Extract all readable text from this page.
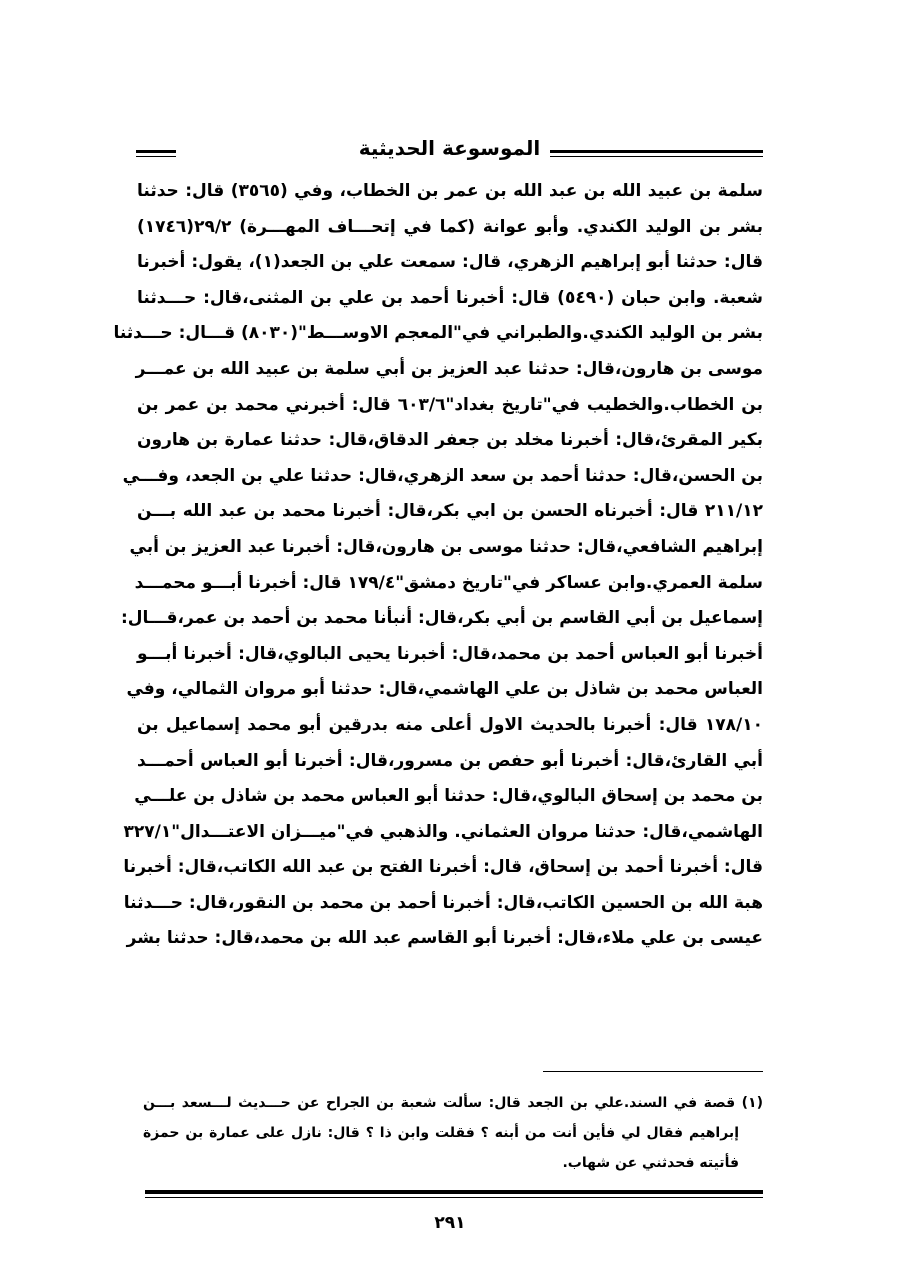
الموسوعة الحديثية
سلمة بن عبيد الله بن عبد الله بن عمر بن الخطاب، وفي (٣٥٦٥) قال: حدثنا
بشر بن الوليد الكندي. وأبو عوانة (كما في إتحـــاف المهـــرة) ٢٩/٢(١٧٤٦)
قال: حدثنا أبو إبراهيم الزهري، قال: سمعت علي بن الجعد(١)، يقول: أخبرنا
شعبة. وابن حبان (٥٤٩٠) قال: أخبرنا أحمد بن علي بن المثنى،قال: حـــدثنا
بشر بن الوليد الكندي.والطبراني في"المعجم الاوســـط"(٨٠٣٠) قـــال: حـــدثنا
موسى بن هارون،قال: حدثنا عبد العزيز بن أبي سلمة بن عبيد الله بن عمـــر
بن الخطاب.والخطيب في"تاريخ بغداد"٦٠٣/٦ قال: أخبرني محمد بن عمر بن
بكير المقرئ،قال: أخبرنا مخلد بن جعفر الدقاق،قال: حدثنا عمارة بن هارون
بن الحسن،قال: حدثنا أحمد بن سعد الزهري،قال: حدثنا علي بن الجعد، وفـــي
٢١١/١٢ قال: أخبرناه الحسن بن ابي بكر،قال: أخبرنا محمد بن عبد الله بـــن
إبراهيم الشافعي،قال: حدثنا موسى بن هارون،قال: أخبرنا عبد العزيز بن أبي
سلمة العمري.وابن عساكر في"تاريخ دمشق"١٧٩/٤ قال: أخبرنا أبـــو محمـــد
إسماعيل بن أبي القاسم بن أبي بكر،قال: أنبأنا محمد بن أحمد بن عمر،قـــال:
أخبرنا أبو العباس أحمد بن محمد،قال: أخبرنا يحيى البالوي،قال: أخبرنا أبـــو
العباس محمد بن شاذل بن علي الهاشمي،قال: حدثنا أبو مروان الثمالي، وفي
١٧٨/١٠ قال: أخبرنا بالحديث الاول أعلى منه بدرقين أبو محمد إسماعيل بن
أبي القارئ،قال: أخبرنا أبو حفص بن مسرور،قال: أخبرنا أبو العباس أحمـــد
بن محمد بن إسحاق البالوي،قال: حدثنا أبو العباس محمد بن شاذل بن علـــي
الهاشمي،قال: حدثنا مروان العثماني. والذهبي في"ميـــزان الاعتـــدال"٣٢٧/١
قال: أخبرنا أحمد بن إسحاق، قال: أخبرنا الفتح بن عبد الله الكاتب،قال: أخبرنا
هبة الله بن الحسين الكاتب،قال: أخبرنا أحمد بن محمد بن النقور،قال: حـــدثنا
عيسى بن علي ملاء،قال: أخبرنا أبو القاسم عبد الله بن محمد،قال: حدثنا بشر
(١) قصة في السند.علي بن الجعد قال: سألت شعبة بن الجراح عن حـــديث لـــسعد بـــن
إبراهيم فقال لي فأين أنت من أبنه ؟ فقلت وابن ذا ؟ قال: نازل على عمارة بن حمزة
فأتيته فحدثني عن شهاب.
٢٩١
